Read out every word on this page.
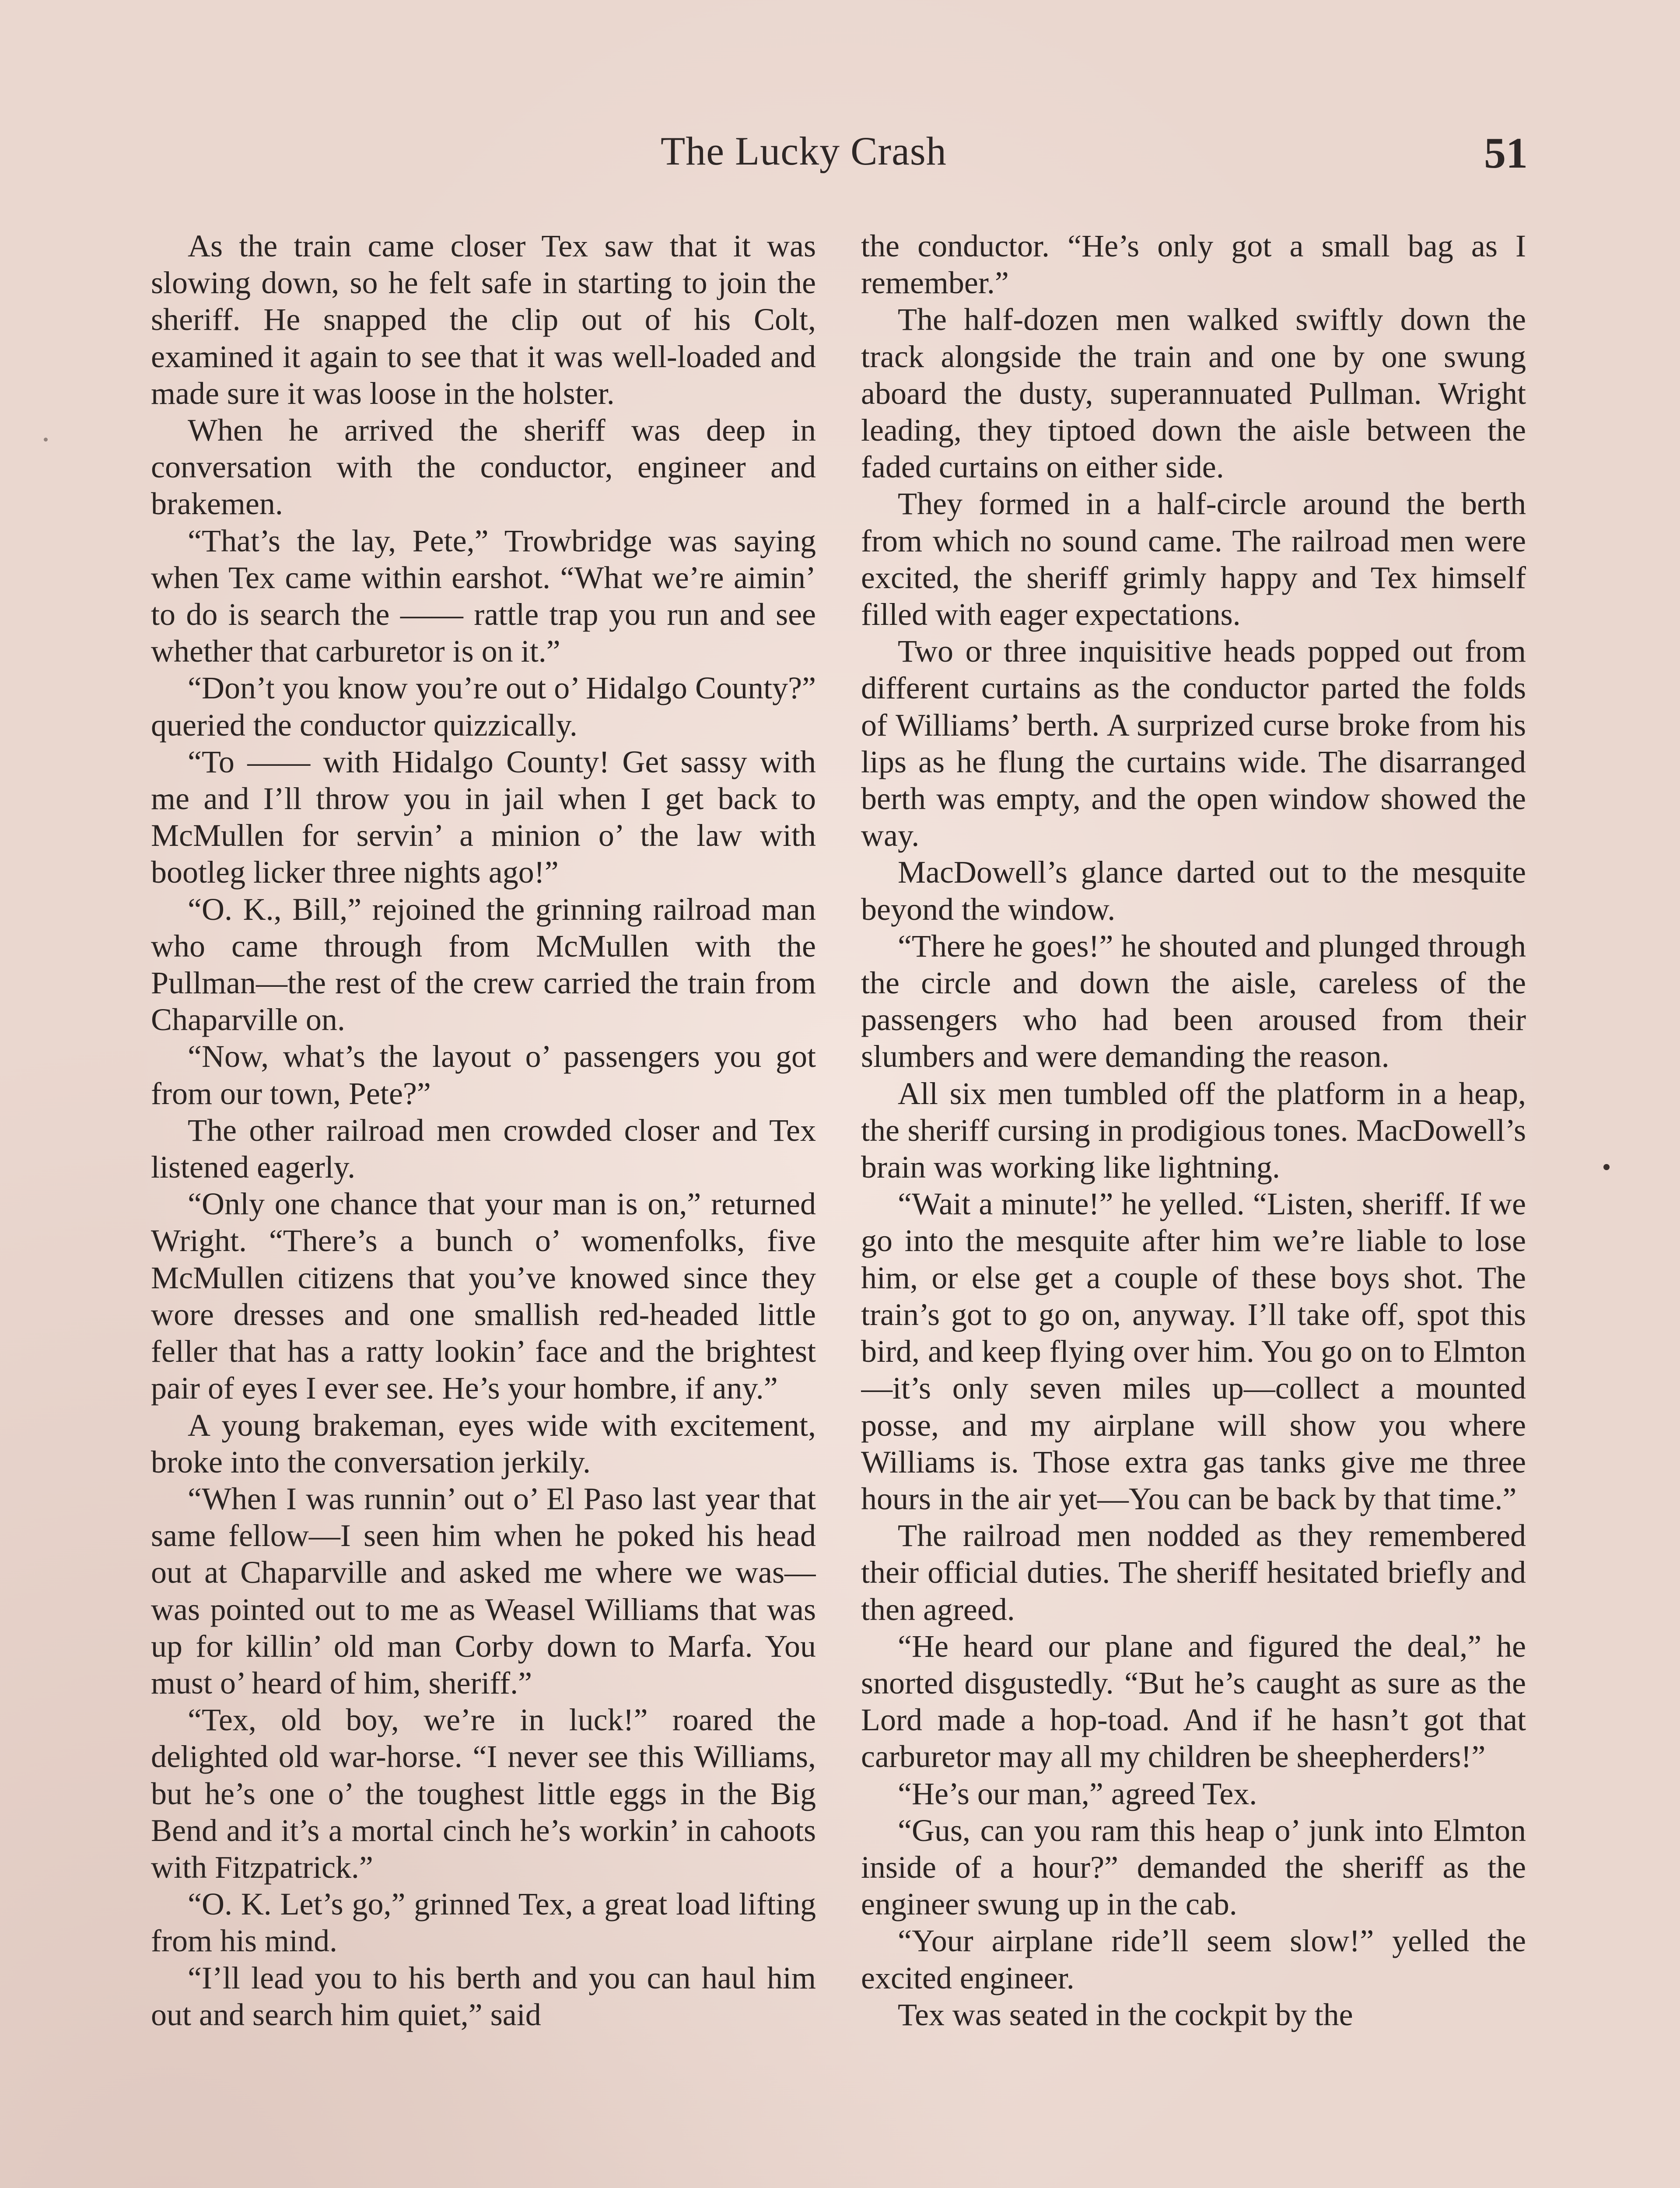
The Lucky Crash	51

As the train came closer Tex saw that it was slowing down, so he felt safe in starting to join the sheriff. He snapped the clip out of his Colt, examined it again to see that it was well-loaded and made sure it was loose in the holster.

When he arrived the sheriff was deep in conversation with the conductor, engineer and brakemen.

“That’s the lay, Pete,” Trowbridge was saying when Tex came within earshot. “What we’re aimin’ to do is search the —— rattle trap you run and see whether that carburetor is on it.”

“Don’t you know you’re out o’ Hidalgo County?” queried the conductor quizzically.

“To —— with Hidalgo County! Get sassy with me and I’ll throw you in jail when I get back to McMullen for servin’ a minion o’ the law with bootleg licker three nights ago!”

“O. K., Bill,” rejoined the grinning railroad man who came through from McMullen with the Pullman—the rest of the crew carried the train from Chaparville on.

“Now, what’s the layout o’ passengers you got from our town, Pete?”

The other railroad men crowded closer and Tex listened eagerly.

“Only one chance that your man is on,” returned Wright. “There’s a bunch o’ womenfolks, five McMullen citizens that you’ve knowed since they wore dresses and one smallish red-headed little feller that has a ratty lookin’ face and the brightest pair of eyes I ever see. He’s your hombre, if any.”

A young brakeman, eyes wide with excitement, broke into the conversation jerkily.

“When I was runnin’ out o’ El Paso last year that same fellow—I seen him when he poked his head out at Chaparville and asked me where we was—was pointed out to me as Weasel Williams that was up for killin’ old man Corby down to Marfa. You must o’ heard of him, sheriff.”

“Tex, old boy, we’re in luck!” roared the delighted old war-horse. “I never see this Williams, but he’s one o’ the toughest little eggs in the Big Bend and it’s a mortal cinch he’s workin’ in cahoots with Fitzpatrick.”

“O. K. Let’s go,” grinned Tex, a great load lifting from his mind.

“I’ll lead you to his berth and you can haul him out and search him quiet,” said

the conductor. “He’s only got a small bag as I remember.”

The half-dozen men walked swiftly down the track alongside the train and one by one swung aboard the dusty, superannuated Pullman. Wright leading, they tiptoed down the aisle between the faded curtains on either side.

They formed in a half-circle around the berth from which no sound came. The railroad men were excited, the sheriff grimly happy and Tex himself filled with eager expectations.

Two or three inquisitive heads popped out from different curtains as the conductor parted the folds of Williams’ berth. A surprized curse broke from his lips as he flung the curtains wide. The disarranged berth was empty, and the open window showed the way.

MacDowell’s glance darted out to the mesquite beyond the window.

“There he goes!” he shouted and plunged through the circle and down the aisle, careless of the passengers who had been aroused from their slumbers and were demanding the reason.

All six men tumbled off the platform in a heap, the sheriff cursing in prodigious tones. MacDowell’s brain was working like lightning.

“Wait a minute!” he yelled. “Listen, sheriff. If we go into the mesquite after him we’re liable to lose him, or else get a couple of these boys shot. The train’s got to go on, anyway. I’ll take off, spot this bird, and keep flying over him. You go on to Elmton—it’s only seven miles up—collect a mounted posse, and my airplane will show you where Williams is. Those extra gas tanks give me three hours in the air yet—You can be back by that time.”

The railroad men nodded as they remembered their official duties. The sheriff hesitated briefly and then agreed.

“He heard our plane and figured the deal,” he snorted disgustedly. “But he’s caught as sure as the Lord made a hop-toad. And if he hasn’t got that carburetor may all my children be sheepherders!”

“He’s our man,” agreed Tex.

“Gus, can you ram this heap o’ junk into Elmton inside of a hour?” demanded the sheriff as the engineer swung up in the cab.

“Your airplane ride’ll seem slow!” yelled the excited engineer.

Tex was seated in the cockpit by the
